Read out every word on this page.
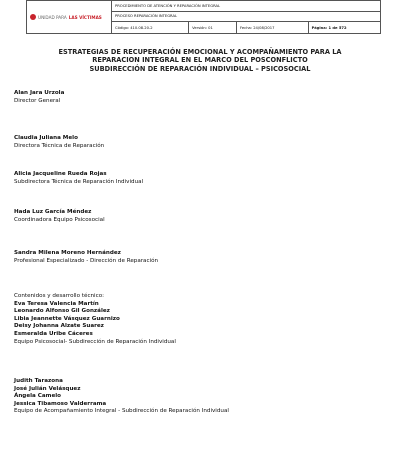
UNIDAD PARA LAS VÍCTIMAS	PROCEDIMIENTO DE ATENCIÓN Y REPARACIÓN INTEGRAL			
	PROCESO REPARACIÓN INTEGRAL			
	Código: 410.08.20-2	Versión: 01	Fecha: 24/08/2017	Página: 1 de 572
ESTRATEGIAS DE RECUPERACIÓN EMOCIONAL Y ACOMPAÑAMIENTO PARA LA
REPARACION INTEGRAL EN EL MARCO DEL POSCONFLICTO
SUBDIRECCIÓN DE REPARACIÓN INDIVIDUAL – PSICOSOCIAL
Alan Jara Urzola
Director General
Claudia Juliana Melo
Directora Técnica de Reparación
Alicia Jacqueline Rueda Rojas
Subdirectora Técnica de Reparación Individual
Hada Luz García Méndez
Coordinadora Equipo Psicosocial
Sandra Milena Moreno Hernández
Profesional Especializado - Dirección de Reparación
Contenidos y desarrollo técnico:
Eva Teresa Valencia Martín
Leonardo Alfonso Gil González
Libia Jeannette Vásquez Guarnizo
Deisy Johanna Alzate Suarez
Esmeralda Uribe Cáceres
Equipo Psicosocial- Subdirección de Reparación Individual
Judith Tarazona
José Julián Velásquez
Ángela Camelo
Jessica Tibamoso Valderrama
Equipo de Acompañamiento Integral - Subdirección de Reparación Individual
